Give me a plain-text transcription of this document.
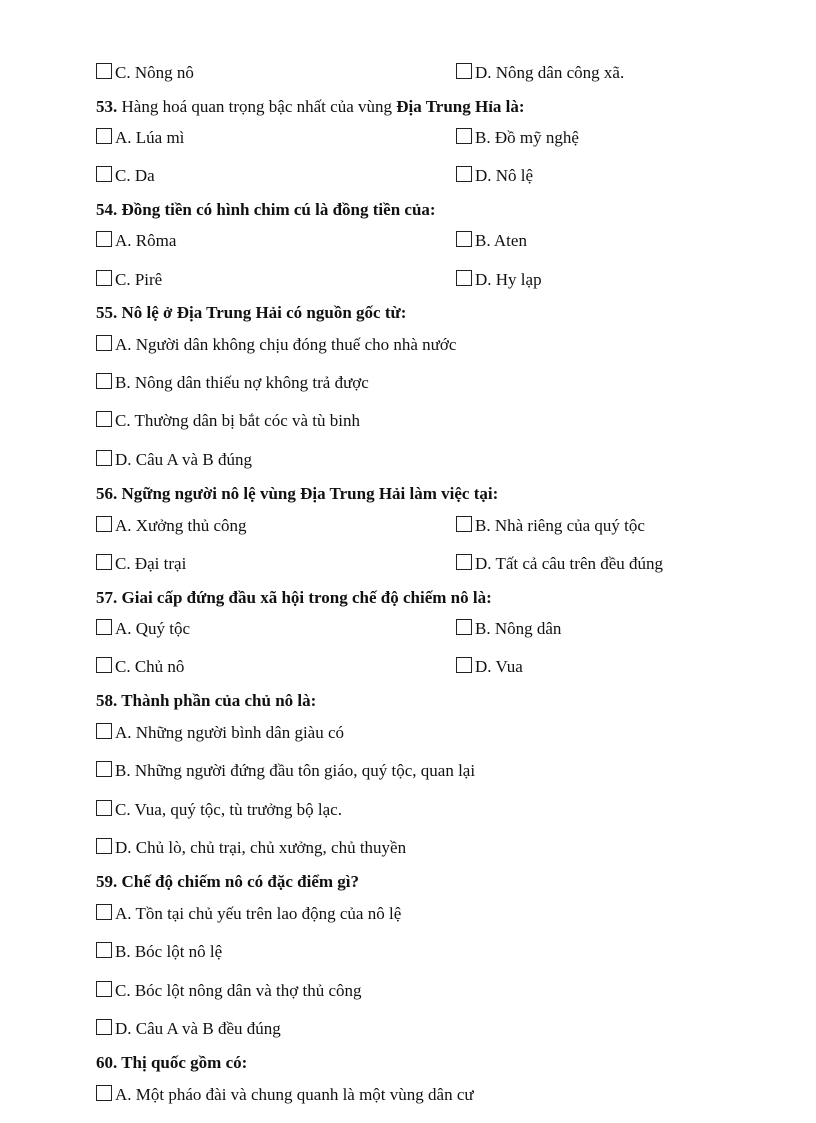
C. Nông nô	D. Nông dân công xã.
53. Hàng hoá quan trọng bậc nhất của vùng Địa Trung Hỉa là:
A. Lúa mì	B. Đồ mỹ nghệ
C. Da	D. Nô lệ
54. Đồng tiền có hình chim cú là đồng tiền của:
A. Rôma	B. Aten
C. Pirê	D. Hy lạp
55. Nô lệ ở Địa Trung Hải có nguồn gốc từ:
A. Người dân không chịu đóng thuế cho nhà nước
B. Nông dân thiếu nợ không trả được
C. Thường dân bị bắt cóc và tù binh
D. Câu A và B đúng
56. Ngững người nô lệ vùng Địa Trung Hải làm việc tại:
A. Xưởng thủ công	B. Nhà riêng của quý tộc
C. Đại trại	D. Tất cả câu trên đều đúng
57. Giai cấp đứng đầu xã hội trong chế độ chiếm nô là:
A. Quý tộc	B. Nông dân
C. Chủ nô	D. Vua
58. Thành phần của chủ nô là:
A. Những người bình dân giàu có
B. Những người đứng đầu tôn giáo, quý tộc, quan lại
C. Vua, quý tộc, tù trưởng bộ lạc.
D. Chủ lò, chủ trại, chủ xưởng, chủ thuyền
59. Chế độ chiếm nô có đặc điểm gì?
A. Tồn tại chủ yếu trên lao động của nô lệ
B. Bóc lột nô lệ
C. Bóc lột nông dân và thợ thủ công
D. Câu A và B đều đúng
60. Thị quốc gồm có:
A. Một pháo đài và chung quanh là một vùng dân cư
